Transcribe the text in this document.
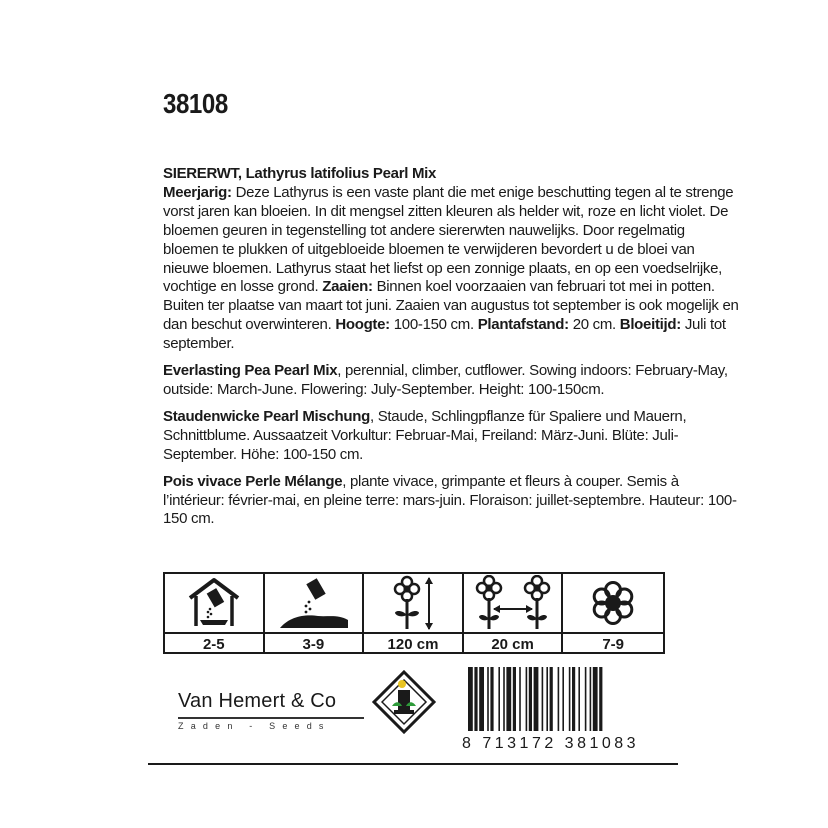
38108

SIERERWT, Lathyrus latifolius Pearl Mix
Meerjarig: Deze Lathyrus is een vaste plant die met enige beschutting tegen al te strenge vorst jaren kan bloeien. In dit mengsel zitten kleuren als helder wit, roze en licht violet. De bloemen geuren in tegenstelling tot andere siererwten nauwelijks. Door regelmatig bloemen te plukken of uitgebloeide bloemen te verwijderen bevordert u de bloei van nieuwe bloemen. Lathyrus staat het liefst op een zonnige plaats, en op een voedselrijke, vochtige en losse grond. Zaaien: Binnen koel voorzaaien van februari tot mei in potten. Buiten ter plaatse van maart tot juni. Zaaien van augustus tot september is ook mogelijk en dan beschut overwinteren. Hoogte: 100-150 cm. Plantafstand: 20 cm. Bloeitijd: Juli tot september.

Everlasting Pea Pearl Mix, perennial, climber, cutflower. Sowing indoors: February-May, outside: March-June. Flowering: July-September. Height: 100-150cm.

Staudenwicke Pearl Mischung, Staude, Schlingpflanze für Spaliere und Mauern, Schnittblume. Aussaatzeit Vorkultur: Februar-Mai, Freiland: März-Juni. Blüte: Juli-September. Höhe: 100-150 cm.

Pois vivace Perle Mélange, plante vivace, grimpante et fleurs à couper. Semis à l’intérieur: février-mai, en pleine terre: mars-juin. Floraison: juillet-septembre. Hauteur: 100-150 cm.

2-5	3-9	120 cm	20 cm	7-9
Van Hemert & Co
Zaden - Seeds
8 713172 381083
